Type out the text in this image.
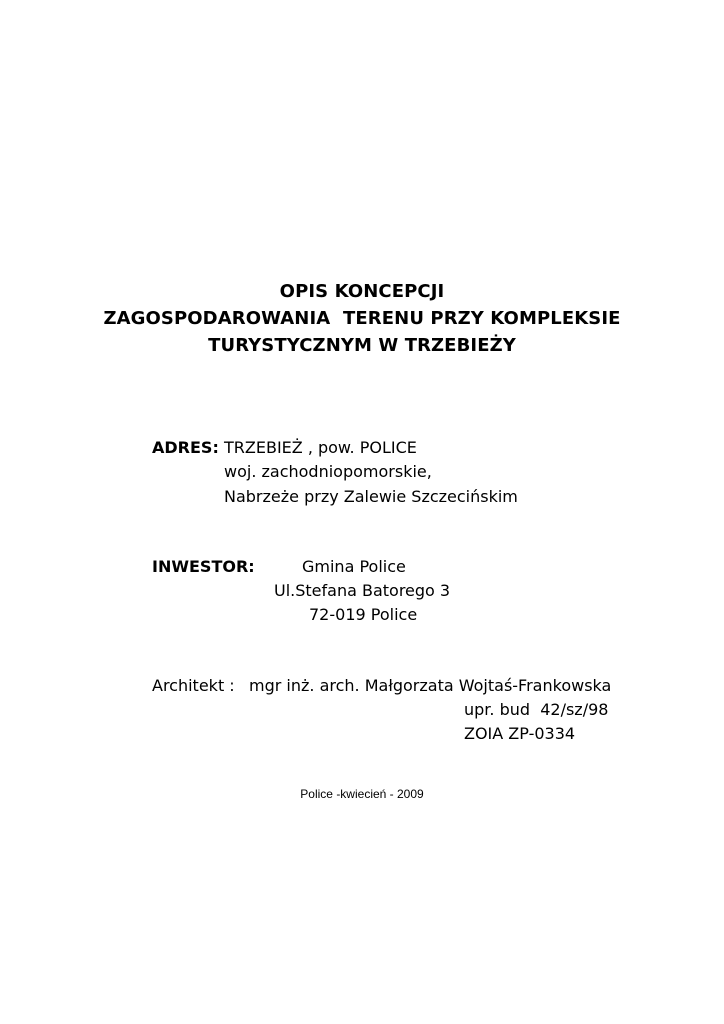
OPIS KONCEPCJI
ZAGOSPODAROWANIA  TERENU PRZY KOMPLEKSIE
TURYSTYCZNYM W TRZEBIEŻY
ADRES: TRZEBIEŻ , pow. POLICE
woj. zachodniopomorskie,
Nabrzeże przy Zalewie Szczecińskim
INWESTOR:	Gmina Police
Ul.Stefana Batorego 3
72-019 Police
Architekt : mgr inż. arch. Małgorzata Wojtaś-Frankowska
upr. bud  42/sz/98
ZOIA ZP-0334
Police -kwiecień - 2009
